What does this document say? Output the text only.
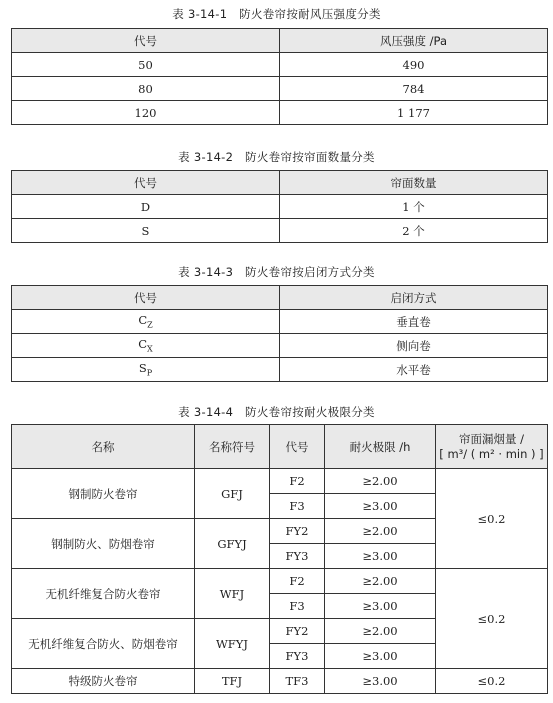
表 3-14-1　防火卷帘按耐风压强度分类
代号	风压强度 /Pa
50	490
80	784
120	1 177
表 3-14-2　防火卷帘按帘面数量分类
代号	帘面数量
D	1 个
S	2 个
表 3-14-3　防火卷帘按启闭方式分类
代号	启闭方式
$C_Z$	垂直卷
$C_X$	侧向卷
$S_P$	水平卷
表 3-14-4　防火卷帘按耐火极限分类
名称	名称符号	代号	耐火极限 /h	帘面漏烟量 /
[ m³/ ( m² · min ) ]
钢制防火卷帘	GFJ	F2	≥2.00	≤0.2
		F3	≥3.00	
钢制防火、防烟卷帘	GFYJ	FY2	≥2.00	
		FY3	≥3.00	
无机纤维复合防火卷帘	WFJ	F2	≥2.00	≤0.2
		F3	≥3.00	
无机纤维复合防火、防烟卷帘	WFYJ	FY2	≥2.00	
		FY3	≥3.00	
特级防火卷帘	TFJ	TF3	≥3.00	≤0.2
